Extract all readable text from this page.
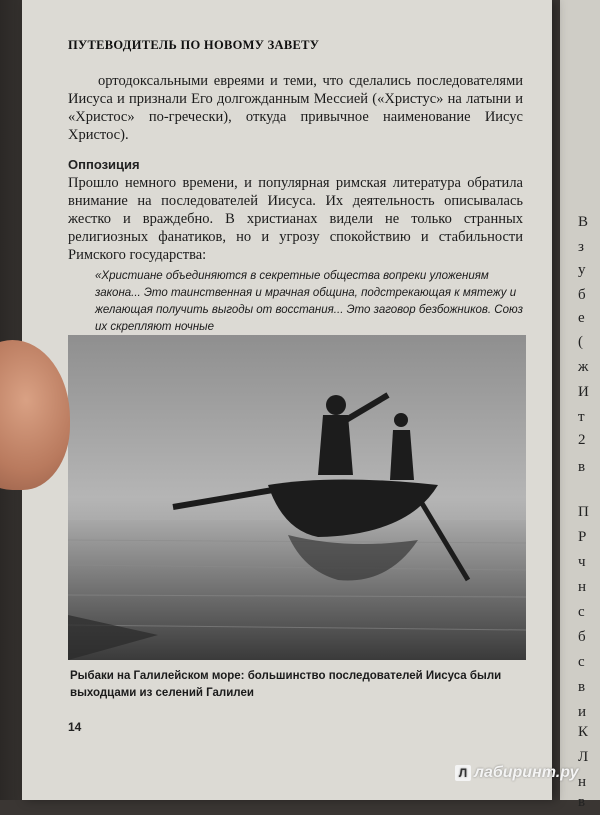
В
з
у
б
е
(
ж
И
т
2
в
П
Р
ч
н
с
б
с
в
и
К
Л
н
в
ПУТЕВОДИТЕЛЬ ПО НОВОМУ ЗАВЕТУ
ортодоксальными евреями и теми, что сделались последователями Иисуса и признали Его долгожданным Мессией («Христус» на латыни и «Христос» по-гречески), откуда привычное наименование Иисус Христос).
Оппозиция
Прошло немного времени, и популярная римская литература обратила внимание на последователей Иисуса. Их деятельность описывалась жестко и враждебно. В христианах видели не только странных религиозных фанатиков, но и угрозу спокойствию и стабильности Римского государства:
«Христиане объединяются в секретные общества вопреки уложениям закона... Это таинственная и мрачная община, подстрекающая к мятежу и желающая получить выгоды от восстания... Это заговор безбожников. Союз их скрепляют ночные
Рыбаки на Галилейском море: большинство последователей Иисуса были выходцами из селений Галилеи
14
Л лабиринт.ру
